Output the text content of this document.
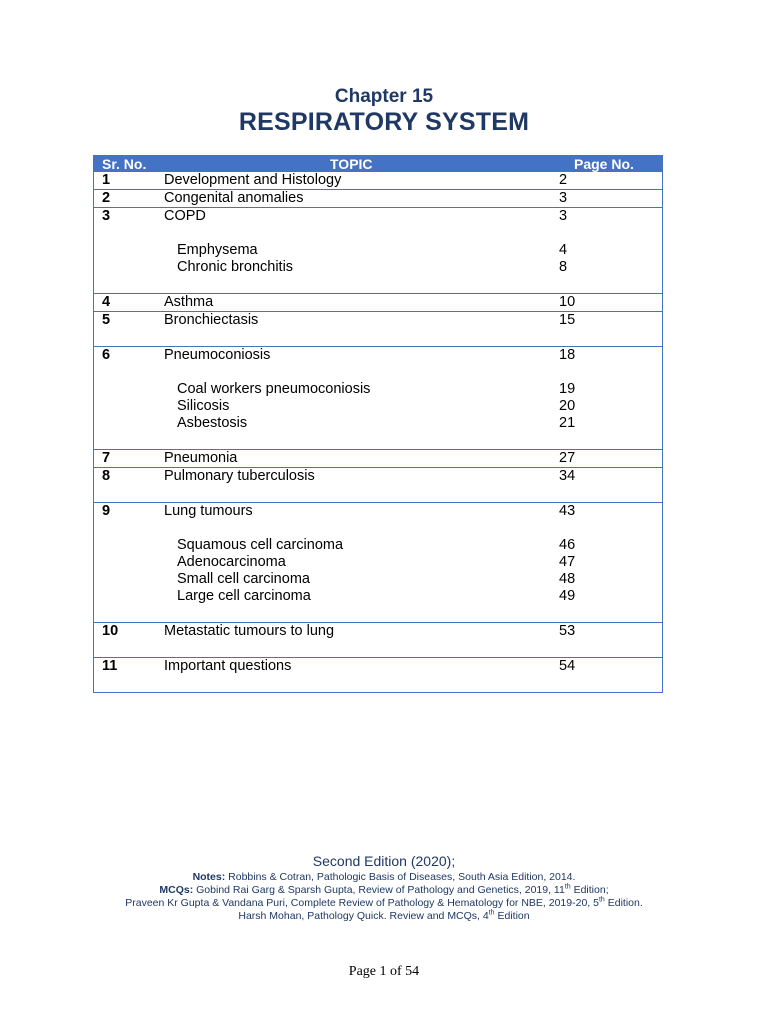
Chapter 15
RESPIRATORY SYSTEM
Sr. No.	TOPIC	Page No.
1	Development and Histology	2
2	Congenital anomalies	3
3	COPD	3
Emphysema	4
Chronic bronchitis	8
4	Asthma	10
5	Bronchiectasis	15
6	Pneumoconiosis	18
Coal workers pneumoconiosis	19
Silicosis	20
Asbestosis	21
7	Pneumonia	27
8	Pulmonary tuberculosis	34
9	Lung tumours	43
Squamous cell carcinoma	46
Adenocarcinoma	47
Small cell carcinoma	48
Large cell carcinoma	49
10	Metastatic tumours to lung	53
11	Important questions	54
Second Edition (2020);
Notes: Robbins & Cotran, Pathologic Basis of Diseases, South Asia Edition, 2014.
MCQs: Gobind Rai Garg & Sparsh Gupta, Review of Pathology and Genetics, 2019, 11th Edition;
Praveen Kr Gupta & Vandana Puri, Complete Review of Pathology & Hematology for NBE, 2019-20, 5th Edition.
Harsh Mohan, Pathology Quick. Review and MCQs, 4th Edition
Page 1 of 54
